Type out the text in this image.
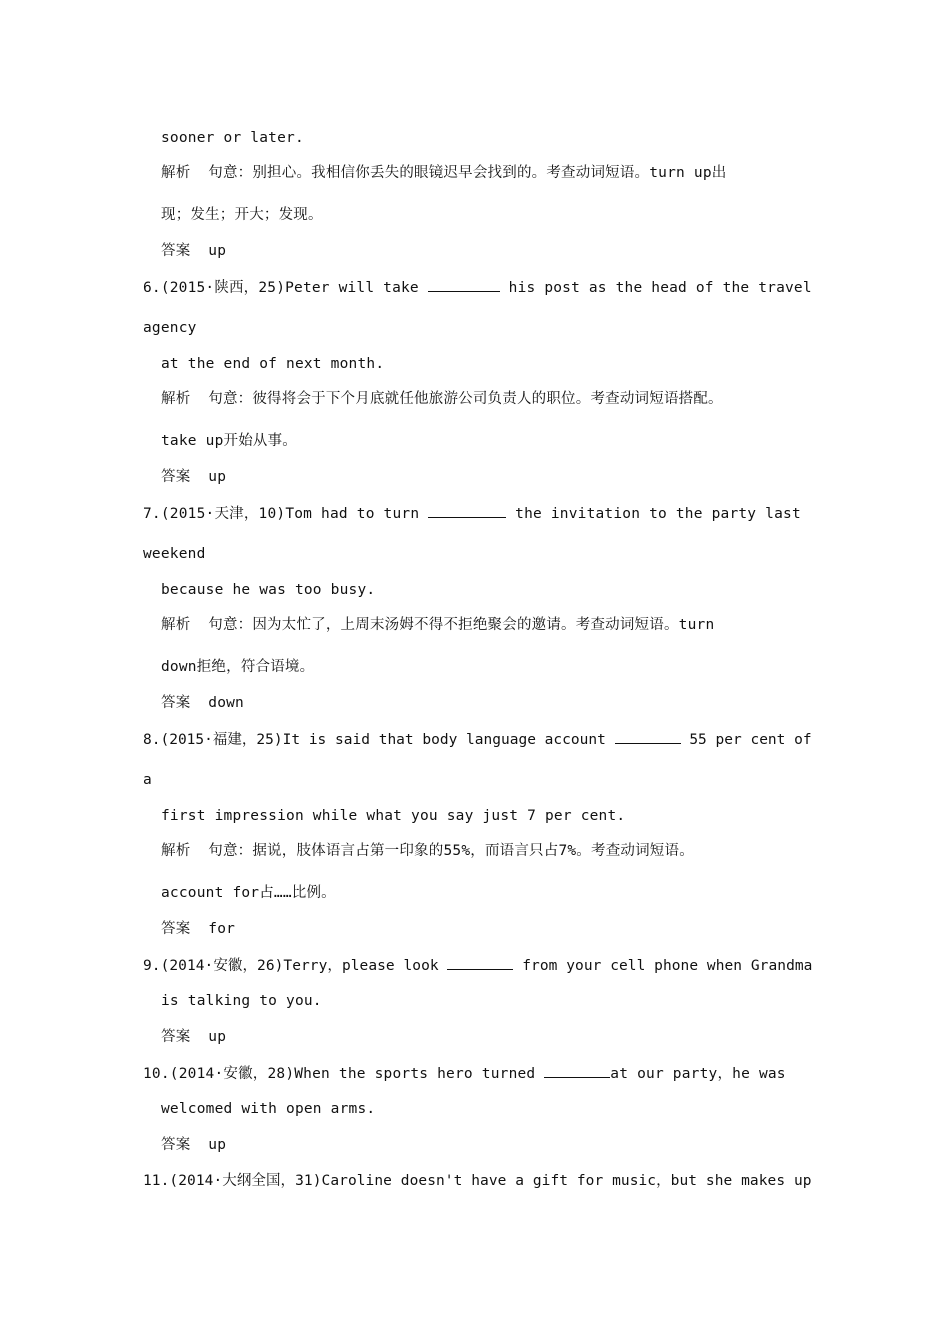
sooner or later.
解析  句意：别担心。我相信你丢失的眼镜迟早会找到的。考查动词短语。turn up出
现；发生；开大；发现。
答案  up
6.(2015·陕西，25)Peter will take	his post as the head of the travel
agency
at the end of next month.
解析  句意：彼得将会于下个月底就任他旅游公司负责人的职位。考查动词短语搭配。
take up开始从事。
答案  up
7.(2015·天津，10)Tom had to turn	the invitation to the party last
weekend
because he was too busy.
解析  句意：因为太忙了，上周末汤姆不得不拒绝聚会的邀请。考查动词短语。turn
down拒绝，符合语境。
答案  down
8.(2015·福建，25)It is said that body language account	55 per cent of
a
first impression while what you say just 7 per cent.
解析  句意：据说，肢体语言占第一印象的55%，而语言只占7%。考查动词短语。
account for占……比例。
答案  for
9.(2014·安徽，26)Terry，please look	from your cell phone when Grandma
is talking to you.
答案  up
10.(2014·安徽，28)When the sports hero turned	at our party，he was
welcomed with open arms.
答案  up
11.(2014·大纲全国，31)Caroline doesn't have a gift for music，but she makes up
